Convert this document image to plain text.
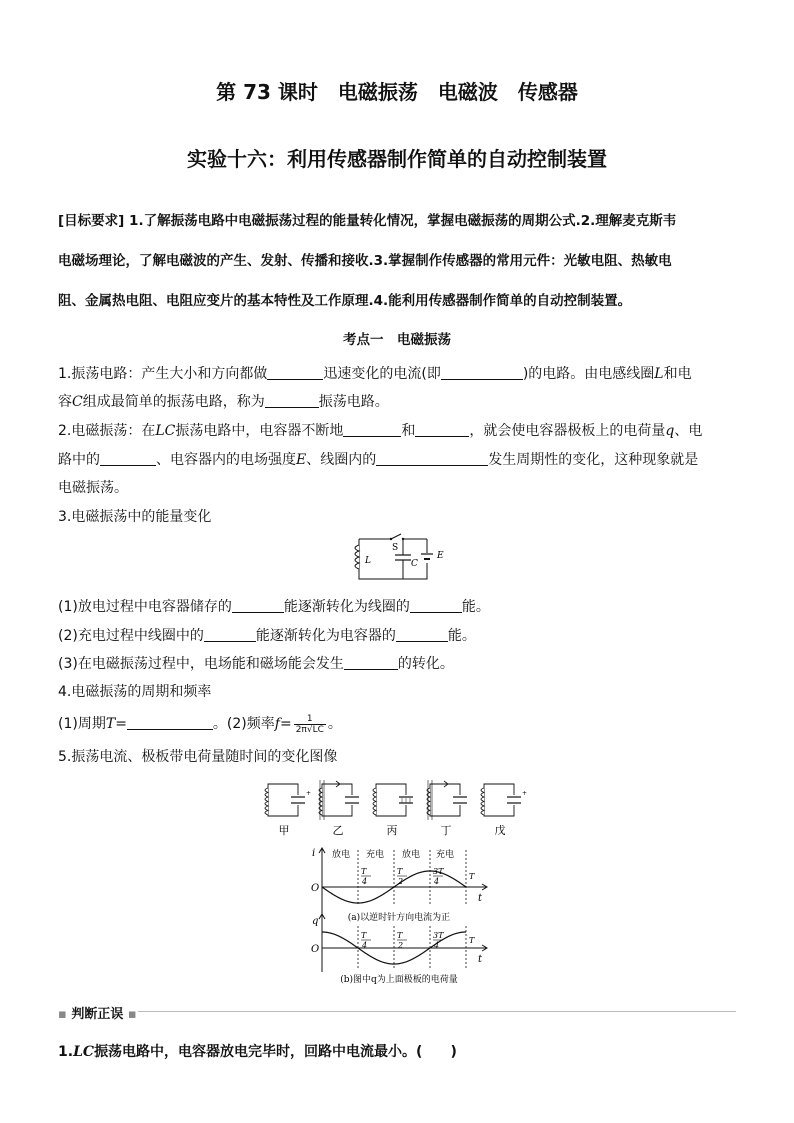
第 73 课时　电磁振荡　电磁波　传感器
实验十六：利用传感器制作简单的自动控制装置
[目标要求] 1.了解振荡电路中电磁振荡过程的能量转化情况，掌握电磁振荡的周期公式.2.理解麦克斯韦
电磁场理论，了解电磁波的产生、发射、传播和接收.3.掌握制作传感器的常用元件：光敏电阻、热敏电
阻、金属热电阻、电阻应变片的基本特性及工作原理.4.能利用传感器制作简单的自动控制装置。
考点一　电磁振荡
1.振荡电路：产生大小和方向都做	迅速变化的电流(即	)的电路。由电感线圈L和电
容C组成最简单的振荡电路，称为	振荡电路。
2.电磁振荡：在LC振荡电路中，电容器不断地	和	，就会使电容器极板上的电荷量q、电
路中的	、电容器内的电场强度E、线圈内的	发生周期性的变化，这种现象就是
电磁振荡。
3.电磁振荡中的能量变化
L
S
C
E
(1)放电过程中电容器储存的	能逐渐转化为线圈的	能。
(2)充电过程中线圈中的	能逐渐转化为电容器的	能。
(3)在电磁振荡过程中，电场能和磁场能会发生	的转化。
4.电磁振荡的周期和频率
(1)周期T=	。(2)频率$f= \frac{1}{2\pi√LC}$ 。
5.振荡电流、极板带电荷量随时间的变化图像
+
甲	乙	丙	丁
+
戊
i
O
t
放电 充电 放电 充电
T
4
T
2
3T
4
T
(a)以逆时针方向电流为正
q
O
t
T
4
T
2
3T
4
T
(b)图中q为上面极板的电荷量
▪ 判断正误 ▪
1.LC振荡电路中，电容器放电完毕时，回路中电流最小。(　　)
